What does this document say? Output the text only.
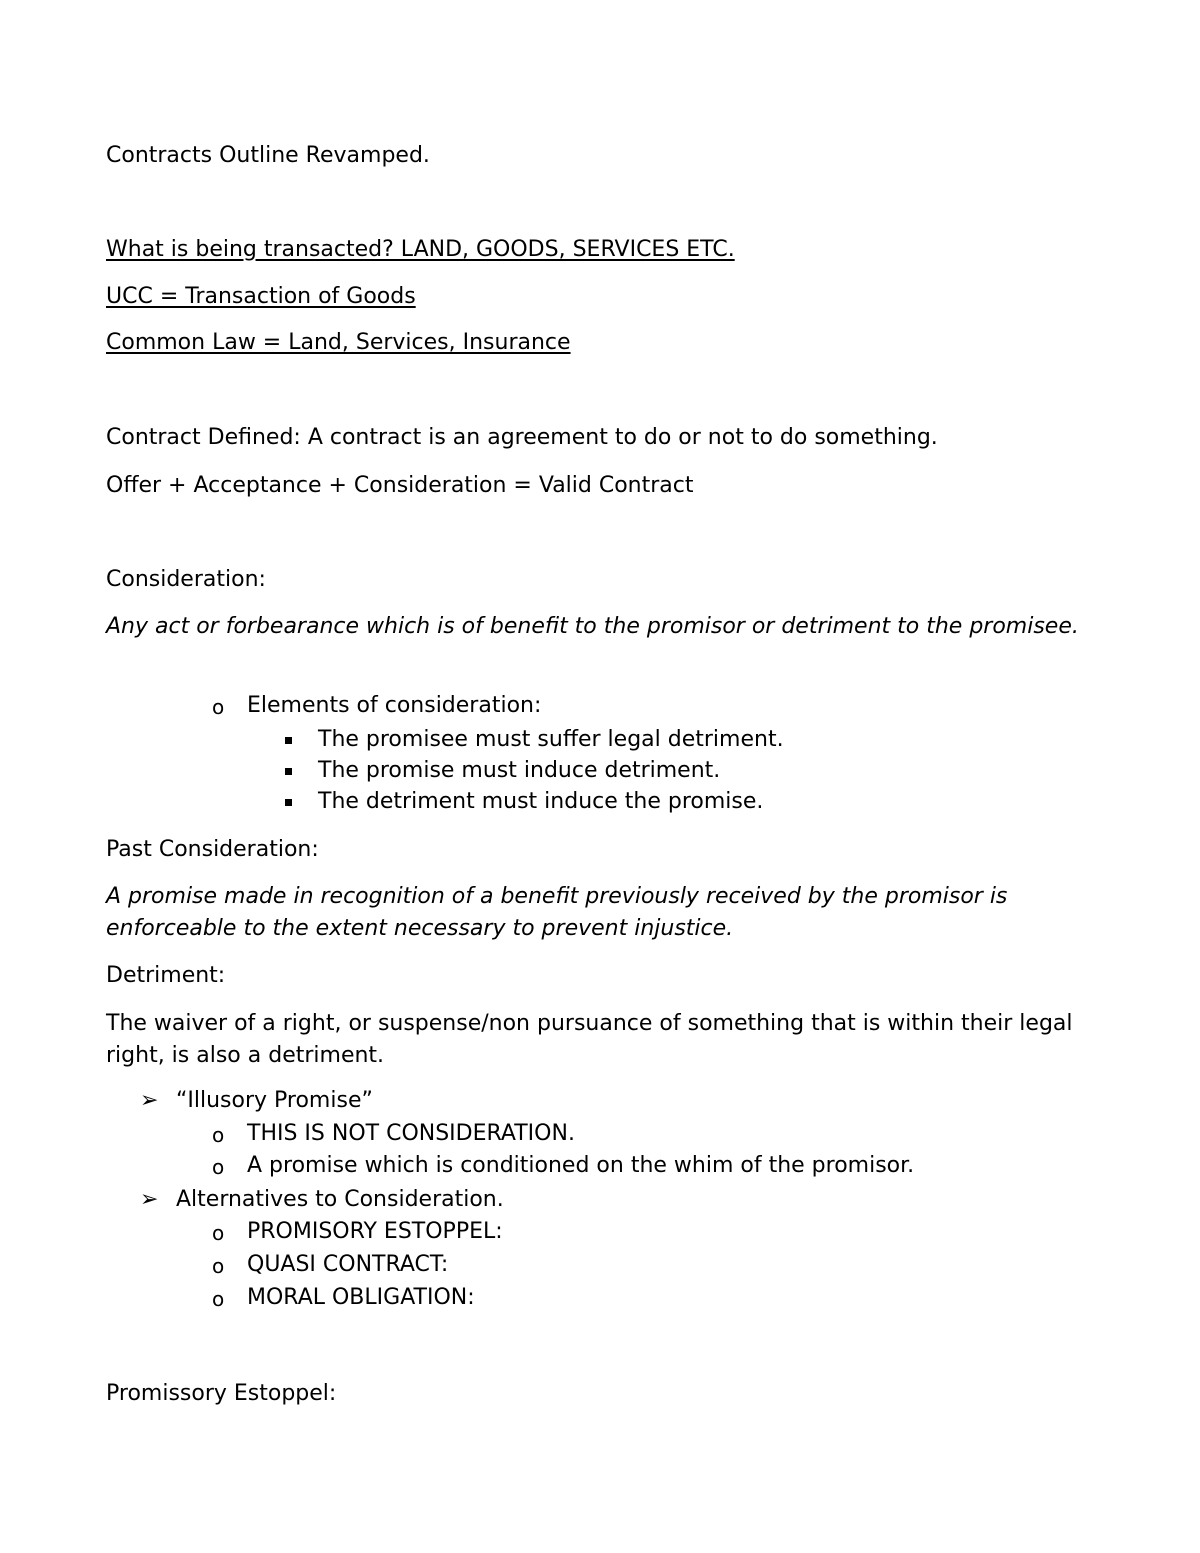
Contracts Outline Revamped.
What is being transacted? LAND, GOODS, SERVICES ETC.
UCC = Transaction of Goods
Common Law = Land, Services, Insurance
Contract Defined: A contract is an agreement to do or not to do something.
Offer + Acceptance + Consideration = Valid Contract
Consideration:
Any act or forbearance which is of benefit to the promisor or detriment to the promisee.
o Elements of consideration:
The promisee must suffer legal detriment.
The promise must induce detriment.
The detriment must induce the promise.
Past Consideration:
A promise made in recognition of a benefit previously received by the promisor is enforceable to the extent necessary to prevent injustice.
Detriment:
The waiver of a right, or suspense/non pursuance of something that is within their legal right, is also a detriment.
➢ “Illusory Promise”
o THIS IS NOT CONSIDERATION.
o A promise which is conditioned on the whim of the promisor.
➢ Alternatives to Consideration.
o PROMISORY ESTOPPEL:
o QUASI CONTRACT:
o MORAL OBLIGATION:
Promissory Estoppel:
